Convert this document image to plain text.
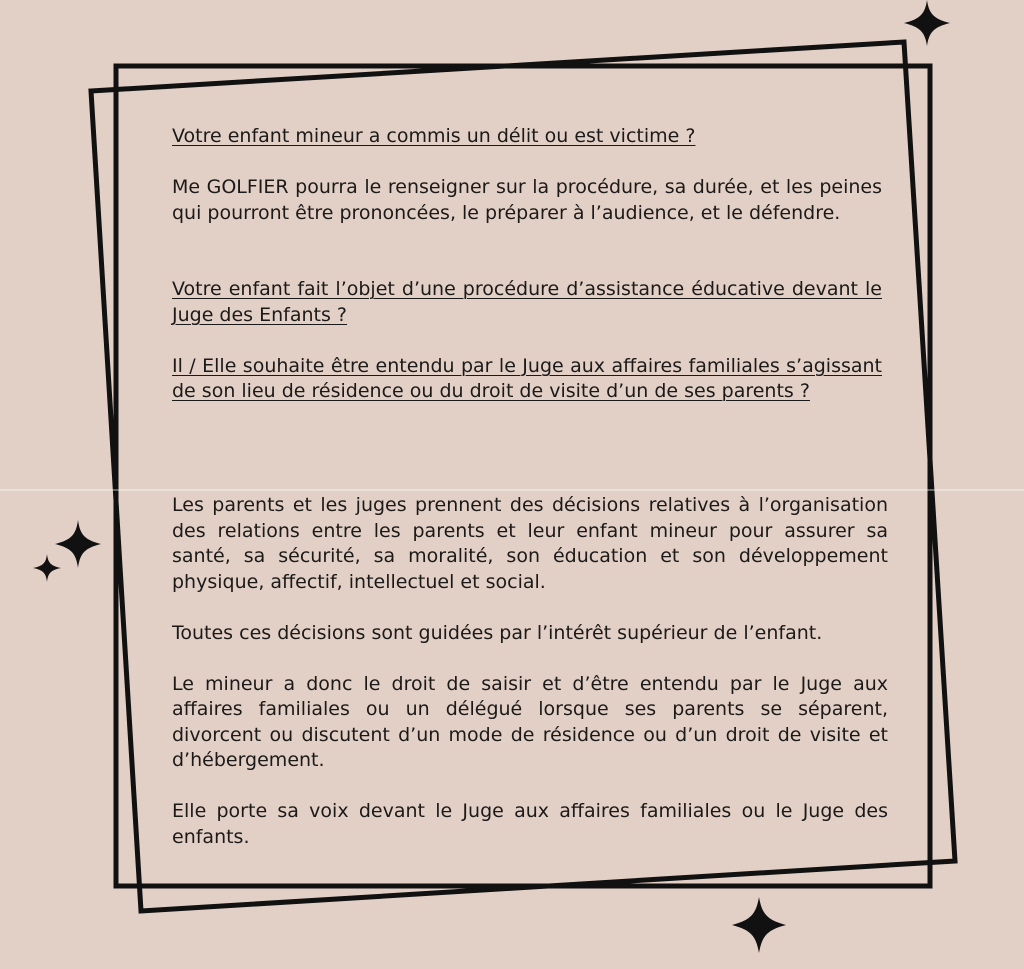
Votre enfant mineur a commis un délit ou est victime ?

Me GOLFIER pourra le renseigner sur la procédure, sa durée, et les peines qui pourront être prononcées, le préparer à l’audience, et le défendre.

Votre enfant fait l’objet d’une procédure d’assistance éducative devant le Juge des Enfants ?

Il / Elle souhaite être entendu par le Juge aux affaires familiales s’agissant de son lieu de résidence ou du droit de visite d’un de ses parents ?

Les parents et les juges prennent des décisions relatives à l’organisation des relations entre les parents et leur enfant mineur pour assurer sa santé, sa sécurité, sa moralité, son éducation et son développement physique, affectif, intellectuel et social.

Toutes ces décisions sont guidées par l’intérêt supérieur de l’enfant.

Le mineur a donc le droit de saisir et d’être entendu par le Juge aux affaires familiales ou un délégué lorsque ses parents se séparent, divorcent ou discutent d’un mode de résidence ou d’un droit de visite et d’hébergement.

Elle porte sa voix devant le Juge aux affaires familiales ou le Juge des enfants.
